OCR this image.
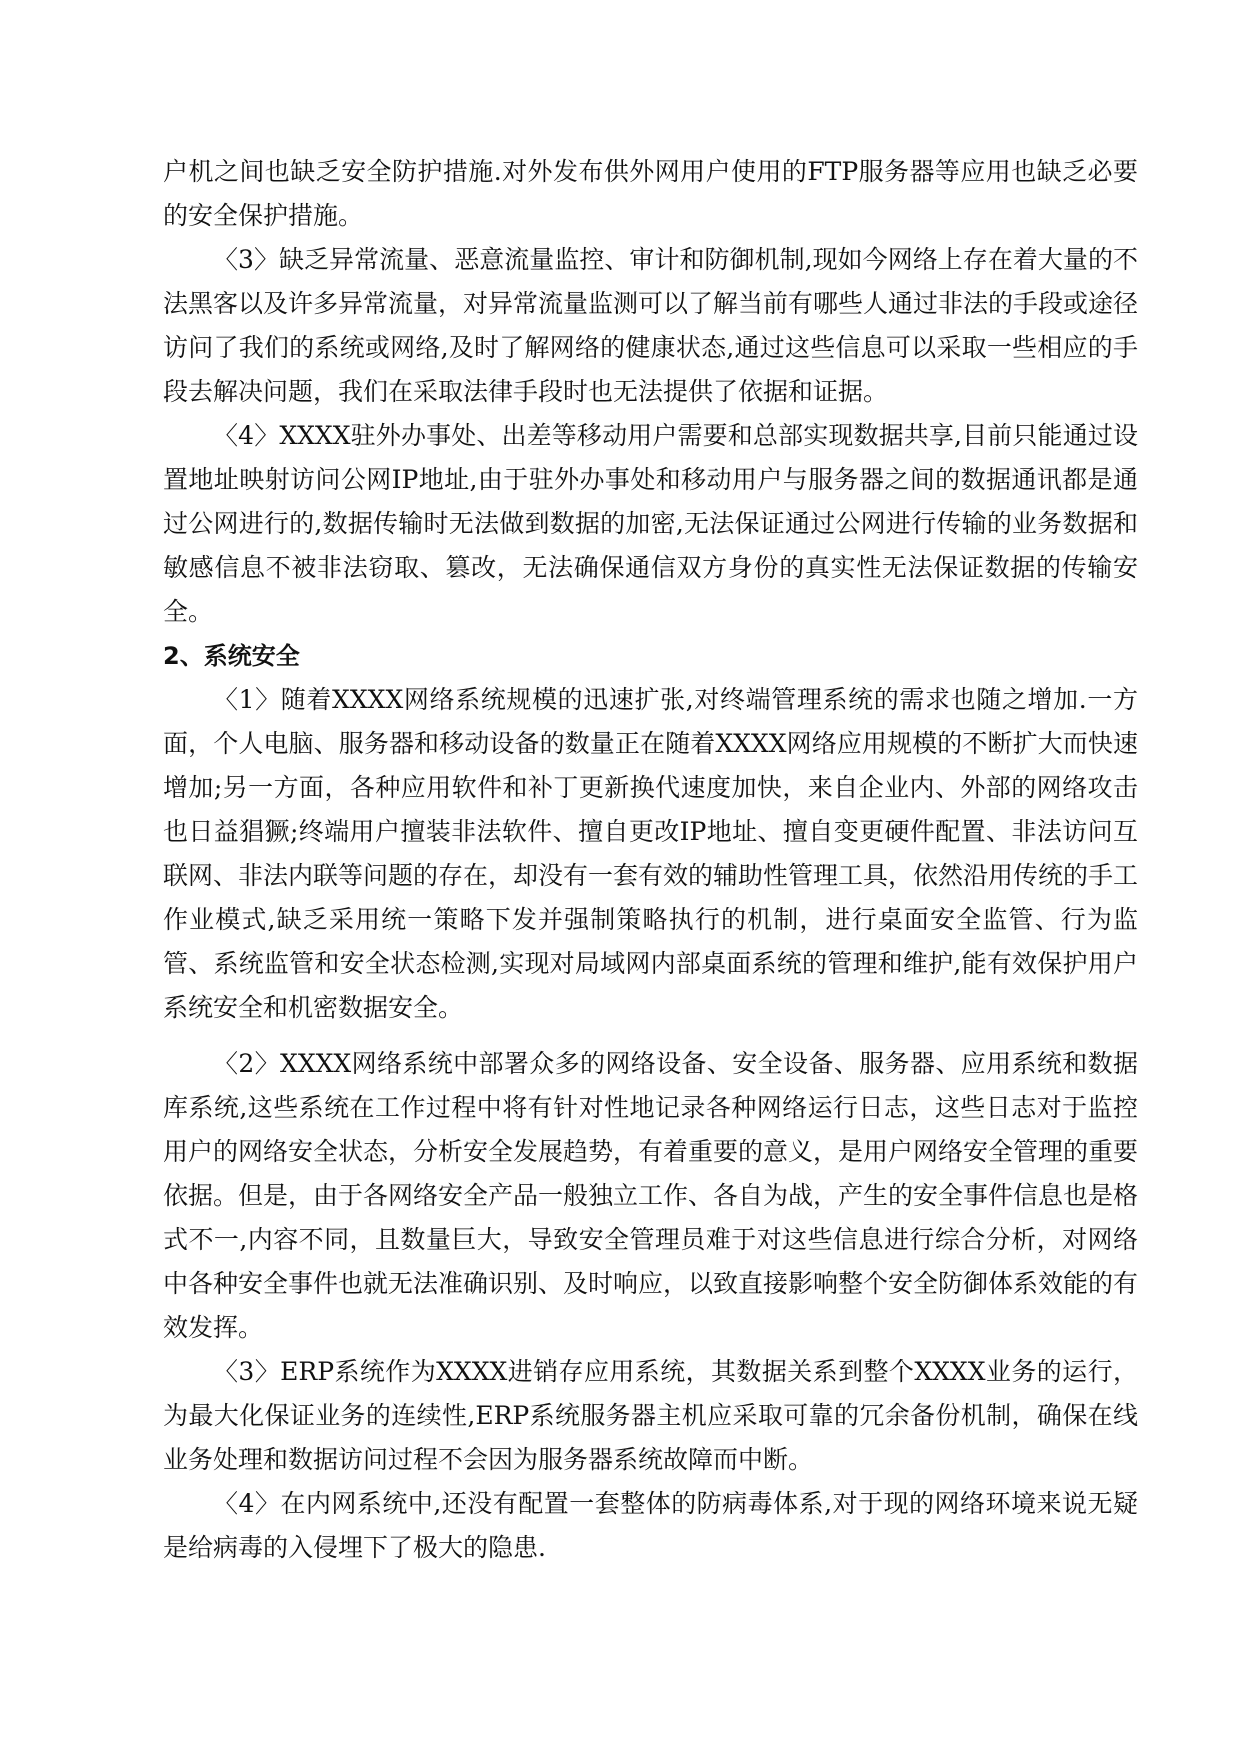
户机之间也缺乏安全防护措施.对外发布供外网用户使用的FTP服务器等应用也缺乏必要的安全保护措施。

〈3〉缺乏异常流量、恶意流量监控、审计和防御机制,现如今网络上存在着大量的不法黑客以及许多异常流量，对异常流量监测可以了解当前有哪些人通过非法的手段或途径访问了我们的系统或网络,及时了解网络的健康状态,通过这些信息可以采取一些相应的手段去解决问题，我们在采取法律手段时也无法提供了依据和证据。

〈4〉XXXX驻外办事处、出差等移动用户需要和总部实现数据共享,目前只能通过设置地址映射访问公网IP地址,由于驻外办事处和移动用户与服务器之间的数据通讯都是通过公网进行的,数据传输时无法做到数据的加密,无法保证通过公网进行传输的业务数据和敏感信息不被非法窃取、篡改，无法确保通信双方身份的真实性无法保证数据的传输安全。

2、系统安全

〈1〉随着XXXX网络系统规模的迅速扩张,对终端管理系统的需求也随之增加.一方面，个人电脑、服务器和移动设备的数量正在随着XXXX网络应用规模的不断扩大而快速增加;另一方面，各种应用软件和补丁更新换代速度加快，来自企业内、外部的网络攻击也日益猖獗;终端用户擅装非法软件、擅自更改IP地址、擅自变更硬件配置、非法访问互联网、非法内联等问题的存在，却没有一套有效的辅助性管理工具，依然沿用传统的手工作业模式,缺乏采用统一策略下发并强制策略执行的机制，进行桌面安全监管、行为监管、系统监管和安全状态检测,实现对局域网内部桌面系统的管理和维护,能有效保护用户系统安全和机密数据安全。

〈2〉XXXX网络系统中部署众多的网络设备、安全设备、服务器、应用系统和数据库系统,这些系统在工作过程中将有针对性地记录各种网络运行日志，这些日志对于监控用户的网络安全状态，分析安全发展趋势，有着重要的意义，是用户网络安全管理的重要依据。但是，由于各网络安全产品一般独立工作、各自为战，产生的安全事件信息也是格式不一,内容不同，且数量巨大，导致安全管理员难于对这些信息进行综合分析，对网络中各种安全事件也就无法准确识别、及时响应，以致直接影响整个安全防御体系效能的有效发挥。

〈3〉ERP系统作为XXXX进销存应用系统，其数据关系到整个XXXX业务的运行，为最大化保证业务的连续性,ERP系统服务器主机应采取可靠的冗余备份机制，确保在线业务处理和数据访问过程不会因为服务器系统故障而中断。

〈4〉在内网系统中,还没有配置一套整体的防病毒体系,对于现的网络环境来说无疑是给病毒的入侵埋下了极大的隐患.
